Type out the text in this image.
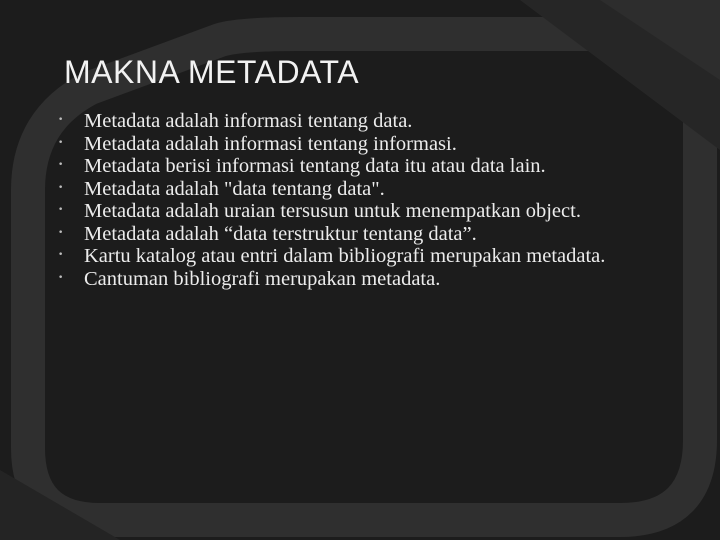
MAKNA METADATA
•	Metadata adalah informasi tentang data.
•	Metadata adalah informasi tentang informasi.
•	Metadata berisi informasi tentang data itu atau data lain.
•	Metadata adalah "data tentang data".
•	Metadata adalah uraian tersusun untuk menempatkan object.
•	Metadata adalah “data terstruktur tentang data”.
•	Kartu katalog atau entri dalam bibliografi merupakan metadata.
•	Cantuman bibliografi merupakan metadata.
